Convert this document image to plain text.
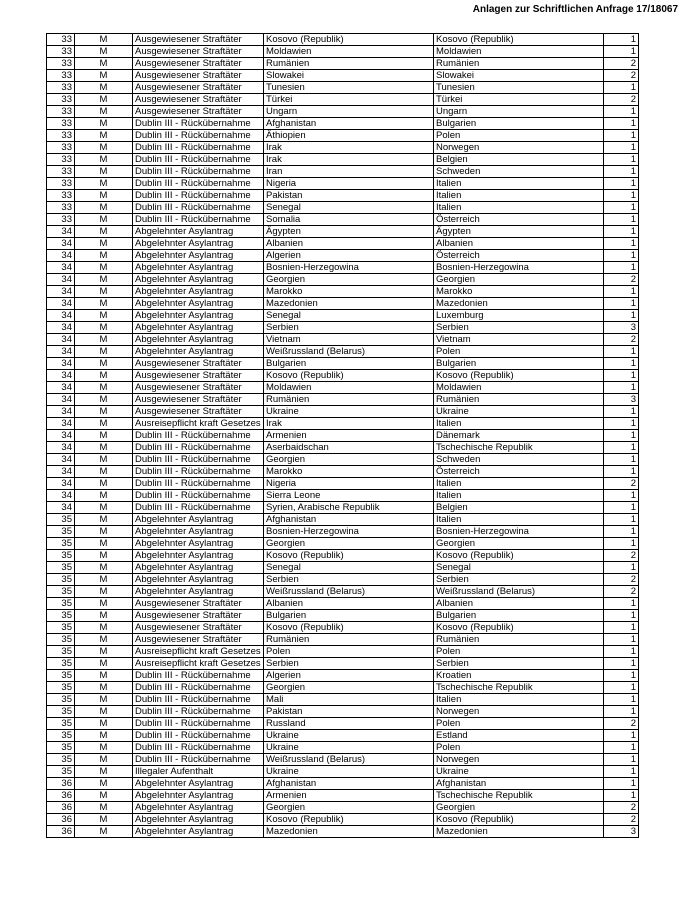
Anlagen zur Schriftlichen Anfrage 17/18067
33	M	Ausgewiesener Straftäter	Kosovo (Republik)	Kosovo (Republik)	1
33	M	Ausgewiesener Straftäter	Moldawien	Moldawien	1
33	M	Ausgewiesener Straftäter	Rumänien	Rumänien	2
33	M	Ausgewiesener Straftäter	Slowakei	Slowakei	2
33	M	Ausgewiesener Straftäter	Tunesien	Tunesien	1
33	M	Ausgewiesener Straftäter	Türkei	Türkei	2
33	M	Ausgewiesener Straftäter	Ungarn	Ungarn	1
33	M	Dublin III - Rückübernahme	Afghanistan	Bulgarien	1
33	M	Dublin III - Rückübernahme	Äthiopien	Polen	1
33	M	Dublin III - Rückübernahme	Irak	Norwegen	1
33	M	Dublin III - Rückübernahme	Irak	Belgien	1
33	M	Dublin III - Rückübernahme	Iran	Schweden	1
33	M	Dublin III - Rückübernahme	Nigeria	Italien	1
33	M	Dublin III - Rückübernahme	Pakistan	Italien	1
33	M	Dublin III - Rückübernahme	Senegal	Italien	1
33	M	Dublin III - Rückübernahme	Somalia	Österreich	1
34	M	Abgelehnter Asylantrag	Ägypten	Ägypten	1
34	M	Abgelehnter Asylantrag	Albanien	Albanien	1
34	M	Abgelehnter Asylantrag	Algerien	Österreich	1
34	M	Abgelehnter Asylantrag	Bosnien-Herzegowina	Bosnien-Herzegowina	1
34	M	Abgelehnter Asylantrag	Georgien	Georgien	2
34	M	Abgelehnter Asylantrag	Marokko	Marokko	1
34	M	Abgelehnter Asylantrag	Mazedonien	Mazedonien	1
34	M	Abgelehnter Asylantrag	Senegal	Luxemburg	1
34	M	Abgelehnter Asylantrag	Serbien	Serbien	3
34	M	Abgelehnter Asylantrag	Vietnam	Vietnam	2
34	M	Abgelehnter Asylantrag	Weißrussland (Belarus)	Polen	1
34	M	Ausgewiesener Straftäter	Bulgarien	Bulgarien	1
34	M	Ausgewiesener Straftäter	Kosovo (Republik)	Kosovo (Republik)	1
34	M	Ausgewiesener Straftäter	Moldawien	Moldawien	1
34	M	Ausgewiesener Straftäter	Rumänien	Rumänien	3
34	M	Ausgewiesener Straftäter	Ukraine	Ukraine	1
34	M	Ausreisepflicht kraft Gesetzes	Irak	Italien	1
34	M	Dublin III - Rückübernahme	Armenien	Dänemark	1
34	M	Dublin III - Rückübernahme	Aserbaidschan	Tschechische Republik	1
34	M	Dublin III - Rückübernahme	Georgien	Schweden	1
34	M	Dublin III - Rückübernahme	Marokko	Österreich	1
34	M	Dublin III - Rückübernahme	Nigeria	Italien	2
34	M	Dublin III - Rückübernahme	Sierra Leone	Italien	1
34	M	Dublin III - Rückübernahme	Syrien, Arabische Republik	Belgien	1
35	M	Abgelehnter Asylantrag	Afghanistan	Italien	1
35	M	Abgelehnter Asylantrag	Bosnien-Herzegowina	Bosnien-Herzegowina	1
35	M	Abgelehnter Asylantrag	Georgien	Georgien	1
35	M	Abgelehnter Asylantrag	Kosovo (Republik)	Kosovo (Republik)	2
35	M	Abgelehnter Asylantrag	Senegal	Senegal	1
35	M	Abgelehnter Asylantrag	Serbien	Serbien	2
35	M	Abgelehnter Asylantrag	Weißrussland (Belarus)	Weißrussland (Belarus)	2
35	M	Ausgewiesener Straftäter	Albanien	Albanien	1
35	M	Ausgewiesener Straftäter	Bulgarien	Bulgarien	1
35	M	Ausgewiesener Straftäter	Kosovo (Republik)	Kosovo (Republik)	1
35	M	Ausgewiesener Straftäter	Rumänien	Rumänien	1
35	M	Ausreisepflicht kraft Gesetzes	Polen	Polen	1
35	M	Ausreisepflicht kraft Gesetzes	Serbien	Serbien	1
35	M	Dublin III - Rückübernahme	Algerien	Kroatien	1
35	M	Dublin III - Rückübernahme	Georgien	Tschechische Republik	1
35	M	Dublin III - Rückübernahme	Mali	Italien	1
35	M	Dublin III - Rückübernahme	Pakistan	Norwegen	1
35	M	Dublin III - Rückübernahme	Russland	Polen	2
35	M	Dublin III - Rückübernahme	Ukraine	Estland	1
35	M	Dublin III - Rückübernahme	Ukraine	Polen	1
35	M	Dublin III - Rückübernahme	Weißrussland (Belarus)	Norwegen	1
35	M	Illegaler Aufenthalt	Ukraine	Ukraine	1
36	M	Abgelehnter Asylantrag	Afghanistan	Afghanistan	1
36	M	Abgelehnter Asylantrag	Armenien	Tschechische Republik	1
36	M	Abgelehnter Asylantrag	Georgien	Georgien	2
36	M	Abgelehnter Asylantrag	Kosovo (Republik)	Kosovo (Republik)	2
36	M	Abgelehnter Asylantrag	Mazedonien	Mazedonien	3
